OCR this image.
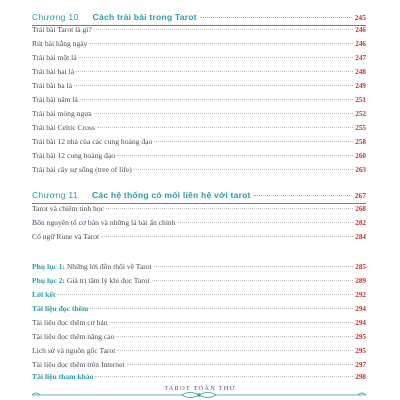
Chương 10 Cách trải bài trong Tarot	245
Trải bài Tarot là gì?	246
Rút bài hằng ngày	246
Trải bài một lá	247
Trải bài hai lá	248
Trải bài ba lá	249
Trải bài năm lá	251
Trải bài móng ngựa	252
Trải bài Celtic Cross	255
Trải bài 12 nhà của các cung hoàng đạo	258
Trải bài 12 cung hoàng đạo	260
Trải bài cây sự sống (tree of life)	263
Chương 11 Các hệ thống có mối liên hệ với tarot	267
Tarot và chiêm tinh học	268
Bốn nguyên tố cơ bản và những lá bài ẩn chính	282
Cổ ngữ Rune và Tarot	284
Phụ lục 1: Những lời đồn thổi về Tarot	285
Phụ lục 2: Giá trị tâm lý khi đọc Tarot	289
Lời kết	292
Tài liệu đọc thêm	294
Tài liệu đọc thêm cơ bản	294
Tài liệu đọc thêm nâng cao	295
Lịch sử và nguồn gốc Tarot	295
Tài liệu đọc thêm trên Internet	297
Tài liệu tham khảo	298
TAROT TOÀN THƯ
